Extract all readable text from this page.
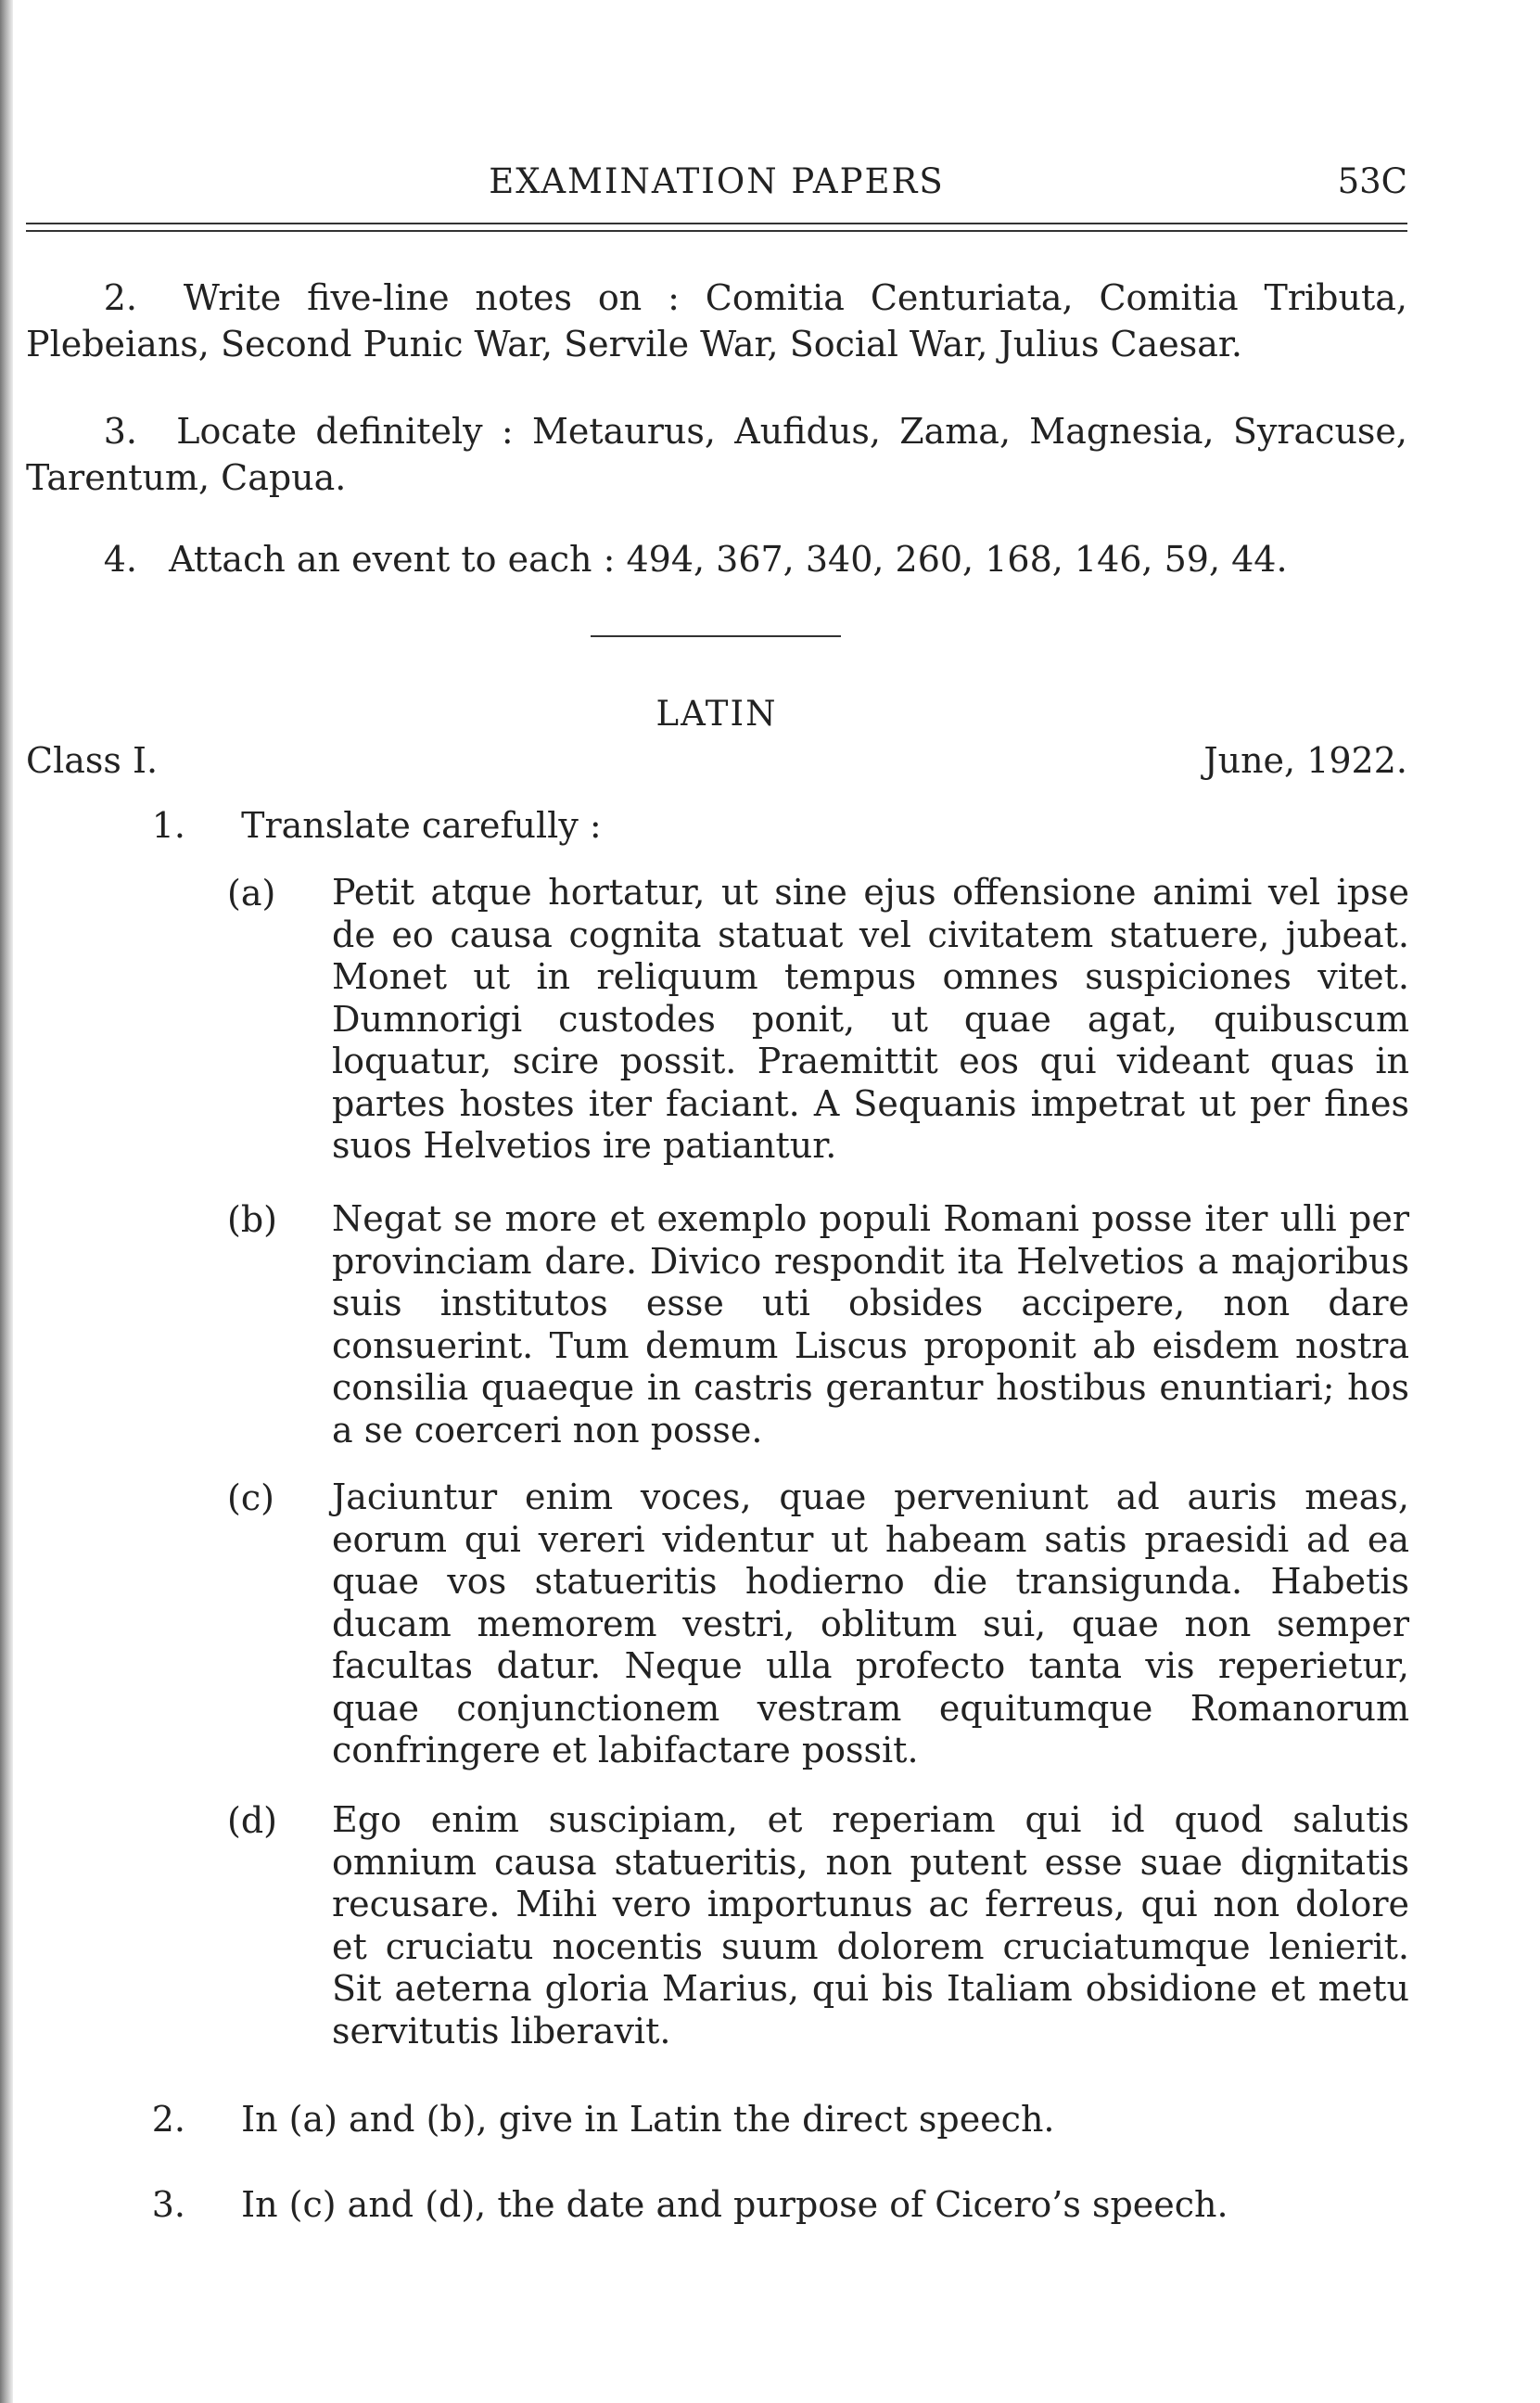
EXAMINATION PAPERS	53C
2. Write five-line notes on : Comitia Centuriata, Comitia Tributa, Plebeians, Second Punic War, Servile War, Social War, Julius Caesar.
3. Locate definitely : Metaurus, Aufidus, Zama, Magnesia, Syracuse, Tarentum, Capua.
4. Attach an event to each : 494, 367, 340, 260, 168, 146, 59, 44.
LATIN
Class I.	June, 1922.
1. Translate carefully :
(a) Petit atque hortatur, ut sine ejus offensione animi vel ipse de eo causa cognita statuat vel civitatem statuere, jubeat. Monet ut in reliquum tempus omnes suspiciones vitet. Dumnorigi custodes ponit, ut quae agat, quibuscum loquatur, scire possit. Praemittit eos qui videant quas in partes hostes iter faciant. A Sequanis impetrat ut per fines suos Helvetios ire patiantur.
(b) Negat se more et exemplo populi Romani posse iter ulli per provinciam dare. Divico respondit ita Helvetios a majoribus suis institutos esse uti obsides accipere, non dare consuerint. Tum demum Liscus proponit ab eisdem nostra consilia quaeque in castris gerantur hostibus enuntiari; hos a se coerceri non posse.
(c) Jaciuntur enim voces, quae perveniunt ad auris meas, eorum qui vereri videntur ut habeam satis praesidi ad ea quae vos statueritis hodierno die transigunda. Habetis ducam memorem vestri, oblitum sui, quae non semper facultas datur. Neque ulla profecto tanta vis reperietur, quae conjunctionem vestram equitumque Romanorum confringere et labifactare possit.
(d) Ego enim suscipiam, et reperiam qui id quod salutis omnium causa statueritis, non putent esse suae dignitatis recusare. Mihi vero importunus ac ferreus, qui non dolore et cruciatu nocentis suum dolorem cruciatumque lenierit. Sit aeterna gloria Marius, qui bis Italiam obsidione et metu servitutis liberavit.
2. In (a) and (b), give in Latin the direct speech.
3. In (c) and (d), the date and purpose of Cicero’s speech.
